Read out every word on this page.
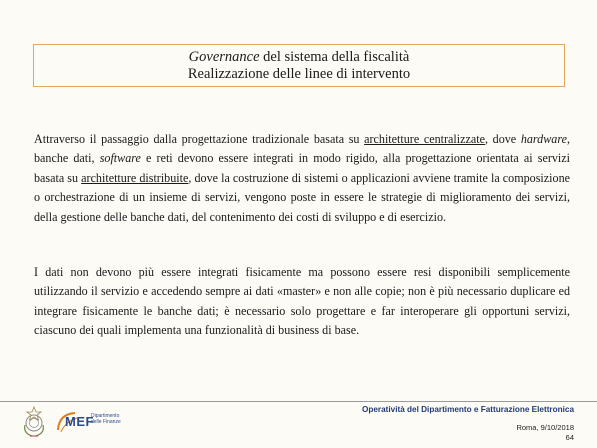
Governance del sistema della fiscalità
Realizzazione delle linee di intervento

Attraverso il passaggio dalla progettazione tradizionale basata su architetture centralizzate, dove hardware, banche dati, software e reti devono essere integrati in modo rigido, alla progettazione orientata ai servizi basata su architetture distribuite, dove la costruzione di sistemi o applicazioni avviene tramite la composizione o orchestrazione di un insieme di servizi, vengono poste in essere le strategie di miglioramento dei servizi, della gestione delle banche dati, del contenimento dei costi di sviluppo e di esercizio.

I dati non devono più essere integrati fisicamente ma possono essere resi disponibili semplicemente utilizzando il servizio e accedendo sempre ai dati «master» e non alle copie; non è più necessario duplicare ed integrare fisicamente le banche dati; è necessario solo progettare e far interoperare gli opportuni servizi, ciascuno dei quali implementa una funzionalità di business di base.

MEF
Dipartimento
delle Finanze
Operatività del Dipartimento e Fatturazione Elettronica
Roma, 9/10/2018
64
